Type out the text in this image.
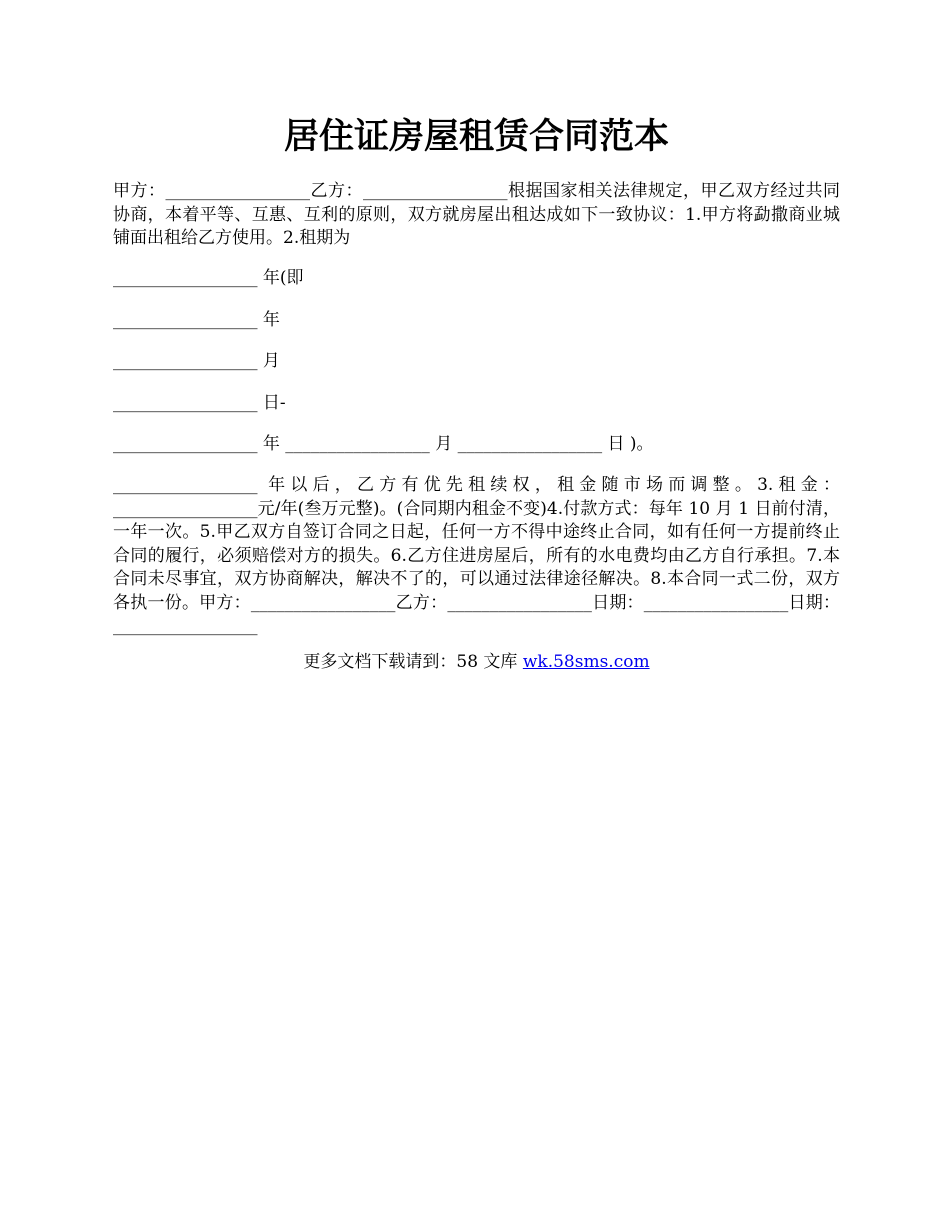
居住证房屋租赁合同范本

甲方：_________________乙方：_________________根据国家相关法律规定，甲乙双方经过共同协商，本着平等、互惠、互利的原则，双方就房屋出租达成如下一致协议：1.甲方将勐撒商业城铺面出租给乙方使用。2.租期为

_________________ 年(即

_________________ 年

_________________ 月

_________________ 日-

_________________ 年 _________________ 月 _________________ 日 )。

_________________ 年以后，乙方有优先租续权，租金随市场而调整。3.租金：_________________元/年(叁万元整)。(合同期内租金不变)4.付款方式：每年 10 月 1 日前付清，一年一次。5.甲乙双方自签订合同之日起，任何一方不得中途终止合同，如有任何一方提前终止合同的履行，必须赔偿对方的损失。6.乙方住进房屋后，所有的水电费均由乙方自行承担。7.本合同未尽事宜，双方协商解决，解决不了的，可以通过法律途径解决。8.本合同一式二份，双方各执一份。甲方：_________________乙方：_________________日期：_________________日期：_________________

更多文档下载请到：58 文库 wk.58sms.com
